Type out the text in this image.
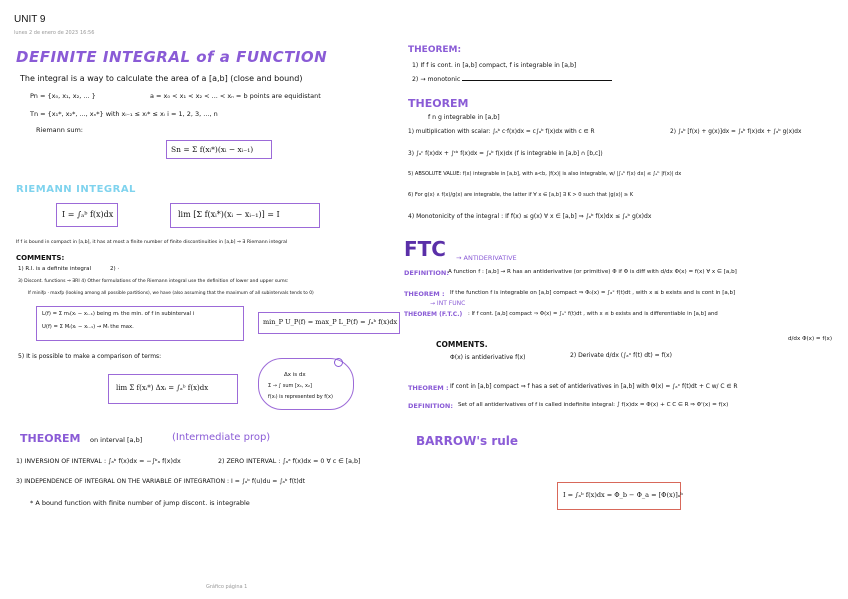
UNIT 9
lunes 2 de enero de 2023 16:56
DEFINITE INTEGRAL of a FUNCTION
The integral is a way to calculate the area of a [a,b] (close and bound)
Pn = {x₀, x₁, x₂, ... }	a = x₀ < x₁ < x₂ < ... < xₙ = b points are equidistant
Tn = {x₁*, x₂*, ..., xₙ*} with xᵢ₋₁ ≤ xᵢ* ≤ xᵢ i = 1, 2, 3, ..., n
Riemann sum:
Sn = Σ f(xᵢ*)(xᵢ − xᵢ₋₁)
RIEMANN INTEGRAL
I = ∫ₐᵇ f(x)dx	lim [Σ f(xᵢ*)(xᵢ − xᵢ₋₁)] = I
If f is bound in compact in [a,b], it has at most a finite number of finite discontinuities in [a,b] ⇒ ∃ Riemann integral
COMMENTS:
1) R.I. is a definite integral	2) ·
3) Discont. functions ⇒ ∃RI 4) Other formulations of the Riemann integral use the definition of lower and upper sums:
If minifp · maxfp (looking among all possible partitions), we have (also assuming that the maximum of all subintervals tends to 0)
L(f) = Σ mᵢ(xᵢ − xᵢ₋₁) being mᵢ the min. of f in subinterval i
U(f) = Σ Mᵢ(xᵢ − xᵢ₋₁) → Mᵢ the max.
min_P U_P(f) = max_P L_P(f) = ∫ₐᵇ f(x)dx
5) It is possible to make a comparison of terms:
lim Σ f(xᵢ*) Δxᵢ = ∫ₐᵇ f(x)dx
Δx is dx
Σ → ∫ sum [x₁, x₂]
f(xᵢ) is represented by f(x)
THEOREM on interval [a,b]	(Intermediate prop)
1) INVERSION OF INTERVAL : ∫ₐᵇ f(x)dx = −∫ᵇₐ f(x)dx	2) ZERO INTERVAL : ∫ₐᵃ f(x)dx = 0 ∀ c ∈ [a,b]
3) INDEPENDENCE OF INTEGRAL ON THE VARIABLE OF INTEGRATION : I = ∫ₐᵇ f(u)du = ∫ₐᵇ f(t)dt
* A bound function with finite number of jump discont. is integrable
THEOREM:
1) If f is cont. in [a,b] compact, f is integrable in [a,b]
2) → monotonic
THEOREM
f n g integrable in [a,b]
1) multiplication with scalar: ∫ₐᵇ c·f(x)dx = c∫ₐᵇ f(x)dx with c ∈ R	2) ∫ₐᵇ [f(x) + g(x)]dx = ∫ₐᵇ f(x)dx + ∫ₐᵇ g(x)dx
3) ∫ₐᶜ f(x)dx + ∫ᶜᵇ f(x)dx = ∫ₐᵇ f(x)dx (f is integrable in [a,b] ∩ [b,c])
5) ABSOLUTE VALUE: f(x) integrable in [a,b], with a<b, |f(x)| is also integrable, w/ |∫ₐᵇ f(x) dx| ≤ ∫ₐᵇ |f(x)| dx
6) For g(x) ∧ f(x)/g(x) are integrable, the latter if ∀ x ∈ [a,b] ∃ K > 0 such that |g(x)| ≥ K
4) Monotonicity of the integral : If f(x) ≤ g(x) ∀ x ∈ [a,b] ⇒ ∫ₐᵇ f(x)dx ≤ ∫ₐᵇ g(x)dx
FTC → ANTIDERIVATIVE
→ INT FUNC
DEFINITION: A function f : [a,b] → R has an antiderivative (or primitive) Φ if Φ is diff with d/dx Φ(x) = f(x) ∀ x ∈ [a,b]
THEOREM : If the function f is integrable on [a,b] compact ⇒ Φ₀(x) = ∫ₐˣ f(t)dt , with x ≤ b exists and is cont in [a,b]
THEOREM (F.T.C.) : If f cont. [a,b] compact ⇒ Φ(x) = ∫ₐˣ f(t)dt , with x ≤ b exists and is differentiable in [a,b] and
d/dx Φ(x) = f(x)
COMMENTS.
Φ(x) is antiderivative f(x)	2) Derivate d/dx (∫ₐˣ f(t) dt) = f(x)
THEOREM : If cont in [a,b] compact ⇒ f has a set of antiderivatives in [a,b] with Φ(x) = ∫ₐˣ f(t)dt + C w/ C ∈ R
DEFINITION: Set of all antiderivatives of f is called indefinite integral: ∫ f(x)dx = Φ(x) + C C ∈ R ⇒ Φ'(x) = f(x)
BARROW's rule
I = ∫ₐᵇ f(x)dx = Φ_b − Φ_a = [Φ(x)]ₐᵇ
Gráfico página 1
